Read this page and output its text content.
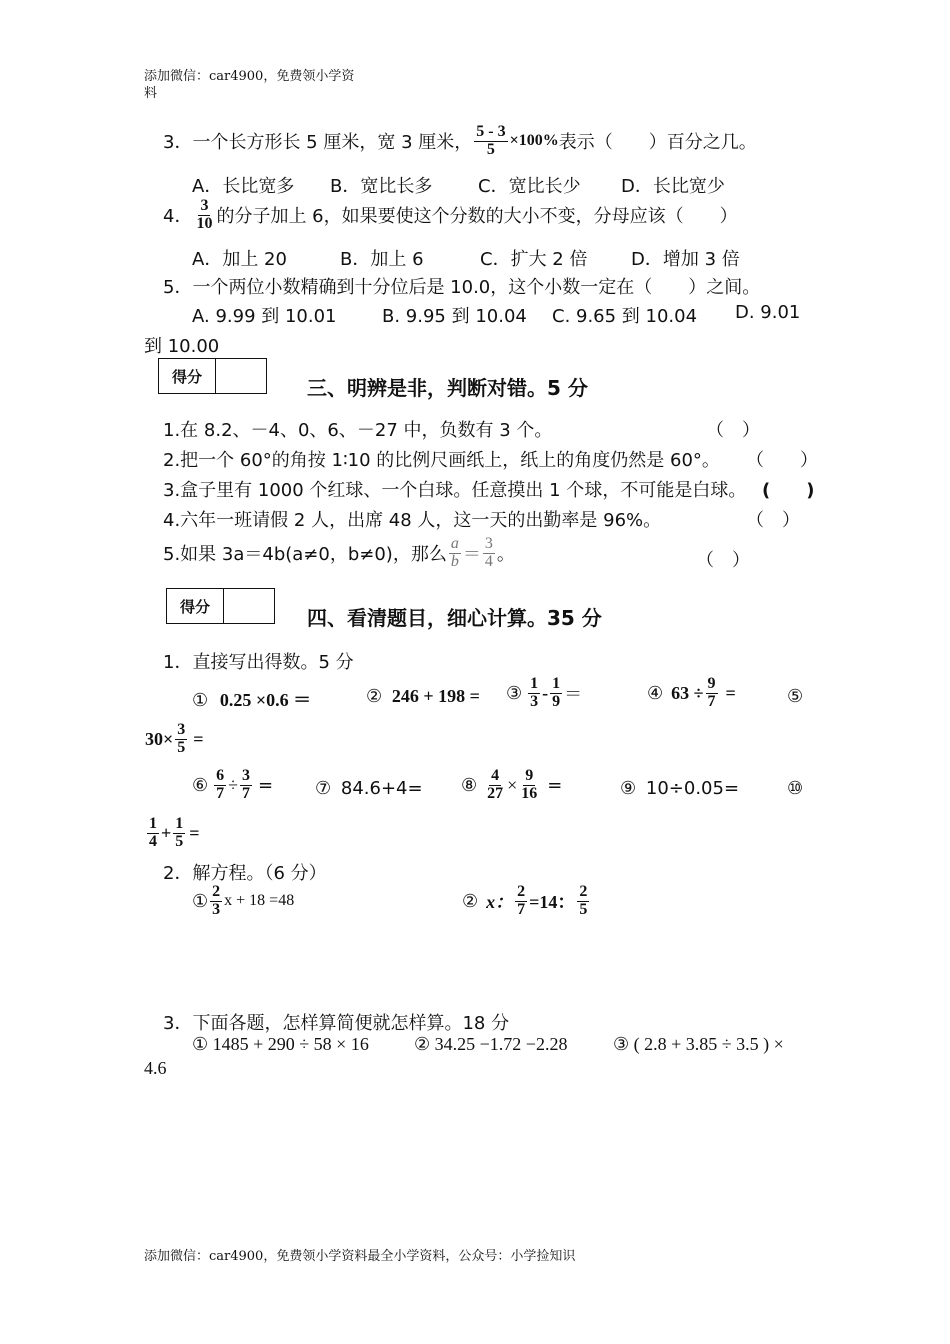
添加微信：car4900，免费领小学资
料
3．一个长方形长 5 厘米，宽 3 厘米， $\frac{5 - 3}{5} \times 100\%$ 表示（　　）百分之几。
A．长比宽多 B．宽比长多	C．宽比长少 D．长比宽少
4． $\frac{3}{10}$ 的分子加上 6，如果要使这个分数的大小不变，分母应该（　　）
A．加上 20	B．加上 6	C．扩大 2 倍 D．增加 3 倍
5．一个两位小数精确到十分位后是 10.0，这个小数一定在（　　）之间。
A. 9.99 到 10.01	B. 9.95 到 10.04 C. 9.65 到 10.04 D. 9.01
到 10.00
得分	三、明辨是非，判断对错。5 分
1.在 8.2、－4、0、6、－27 中，负数有 3 个。	（　）
2.把一个 60°的角按 1∶10 的比例尺画纸上，纸上的角度仍然是 60°。 （　　）
3.盒子里有 1000 个红球、一个白球。任意摸出 1 个球，不可能是白球。 (　　)
4.六年一班请假 2 人，出席 48 人，这一天的出勤率是 96%。	（　）
5.如果 3a＝4b(a≠0，b≠0)，那么 $\frac{a}{b} = \frac{3}{4}$ 。	（　）
得分	四、看清题目，细心计算。35 分
1．直接写出得数。5 分
① 0.25 ×0.6 ＝	② 246 + 198 = ③ $\frac{1}{3} - \frac{1}{9}$ ＝	④ $63 \div \frac{9}{7}$ =	⑤
$30\times \frac{3}{5}$ =
⑥ $\frac{6}{7} \div \frac{3}{7}$ = ⑦ 84.6+4= ⑧ $\frac{4}{27} \times \frac{9}{16}$ =	⑨ 10÷0.05=	⑩
$\frac{1}{4} + \frac{1}{5}$ =
2．解方程。（6 分）
① $\frac{2}{3}$ x + 18 =48	② x： $\frac{2}{7} =14$： $\frac{2}{5}$
3．下面各题，怎样算简便就怎样算。18 分
① 1485 + 290 ÷ 58 × 16	② 34.25 −1.72 −2.28	③ ( 2.8 + 3.85 ÷ 3.5 ) ×
4.6
添加微信：car4900，免费领小学资料最全小学资料，公众号：小学捡知识
